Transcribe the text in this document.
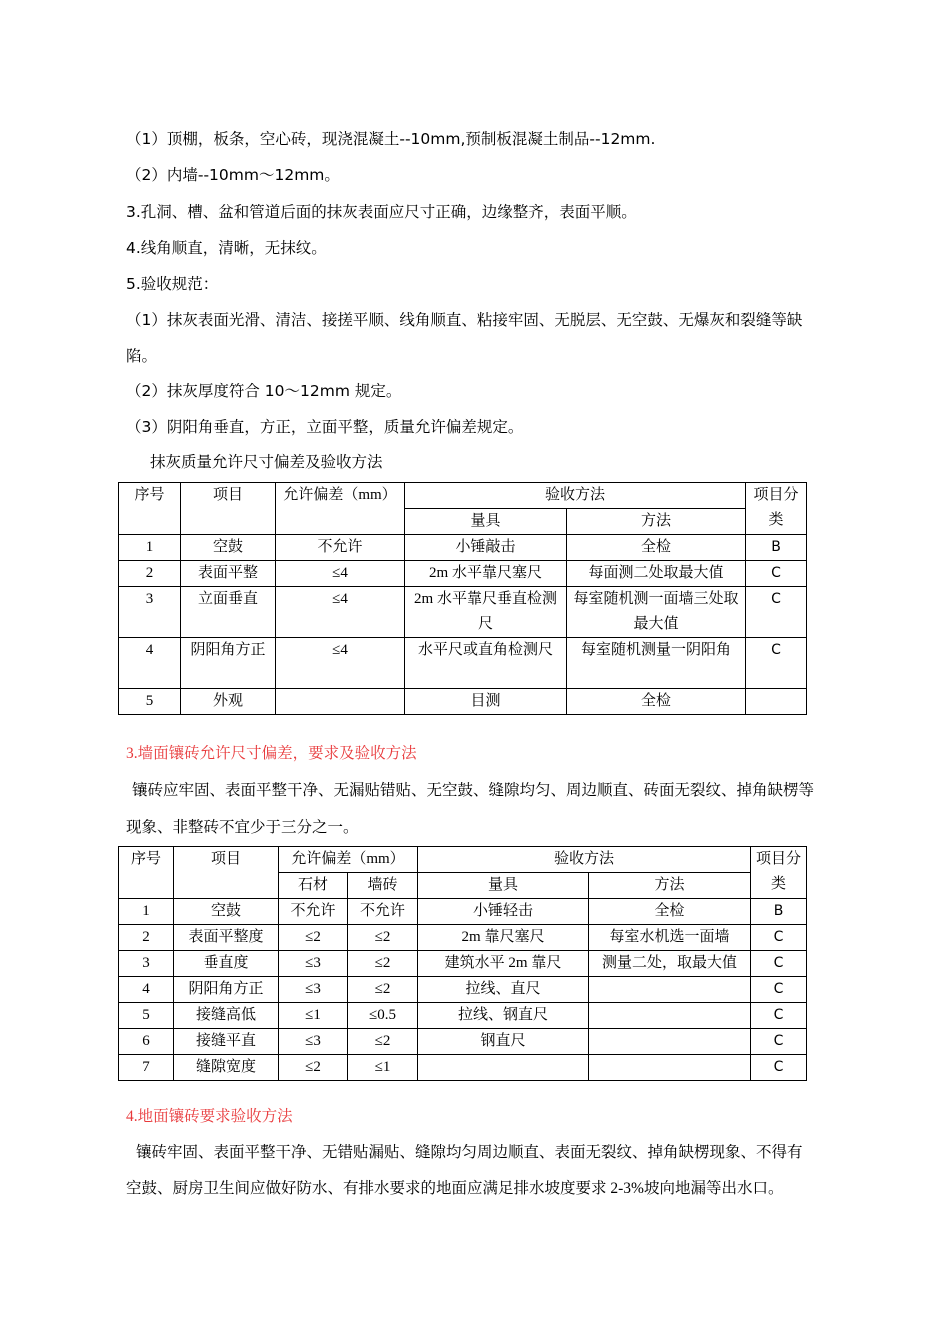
（1）顶棚，板条，空心砖，现浇混凝土--10mm,预制板混凝土制品--12mm.
（2）内墙--10mm～12mm。
3.孔洞、槽、盆和管道后面的抹灰表面应尺寸正确，边缘整齐，表面平顺。
4.线角顺直，清晰，无抹纹。
5.验收规范：
（1）抹灰表面光滑、清洁、接搓平顺、线角顺直、粘接牢固、无脱层、无空鼓、无爆灰和裂缝等缺
陷。
（2）抹灰厚度符合 10～12mm 规定。
（3）阴阳角垂直，方正，立面平整，质量允许偏差规定。
抹灰质量允许尺寸偏差及验收方法
序号	项目	允许偏差（mm）	验收方法		项目分类
			量具	方法	
1	空鼓	不允许	小锤敲击	全检	B
2	表面平整	≤4	2m 水平靠尺塞尺	每面测二处取最大值	C
3	立面垂直	≤4	2m 水平靠尺垂直检测尺	每室随机测一面墙三处取最大值	C
4	阴阳角方正	≤4	水平尺或直角检测尺	每室随机测量一阴阳角	C
5	外观		目测	全检	
3.墙面镶砖允许尺寸偏差，要求及验收方法
镶砖应牢固、表面平整干净、无漏贴错贴、无空鼓、缝隙均匀、周边顺直、砖面无裂纹、掉角缺楞等
现象、非整砖不宜少于三分之一。
序号	项目	允许偏差（mm）		验收方法		项目分类
		石材	墙砖	量具	方法	
1	空鼓	不允许	不允许	小锤轻击	全检	B
2	表面平整度	≤2	≤2	2m 靠尺塞尺	每室水机选一面墙	C
3	垂直度	≤3	≤2	建筑水平 2m 靠尺	测量二处，取最大值	C
4	阴阳角方正	≤3	≤2	拉线、直尺		C
5	接缝高低	≤1	≤0.5	拉线、钢直尺		C
6	接缝平直	≤3	≤2	钢直尺		C
7	缝隙宽度	≤2	≤1			C
4.地面镶砖要求验收方法
镶砖牢固、表面平整干净、无错贴漏贴、缝隙均匀周边顺直、表面无裂纹、掉角缺楞现象、不得有
空鼓、厨房卫生间应做好防水、有排水要求的地面应满足排水坡度要求 2-3%坡向地漏等出水口。
